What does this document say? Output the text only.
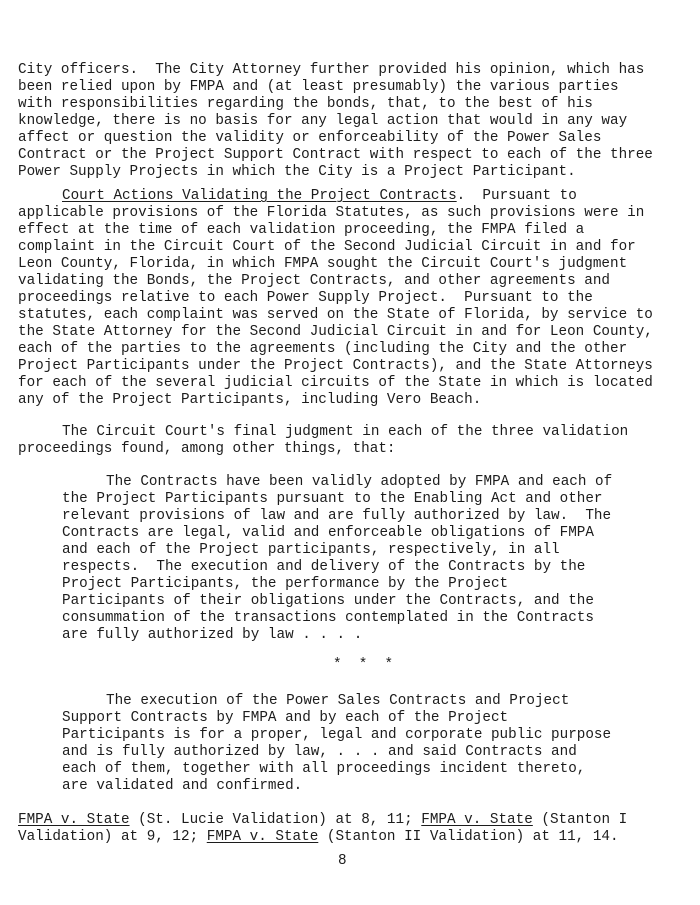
City officers.  The City Attorney further provided his opinion, which has
been relied upon by FMPA and (at least presumably) the various parties
with responsibilities regarding the bonds, that, to the best of his
knowledge, there is no basis for any legal action that would in any way
affect or question the validity or enforceability of the Power Sales
Contract or the Project Support Contract with respect to each of the three
Power Supply Projects in which the City is a Project Participant.
Court Actions Validating the Project Contracts.  Pursuant to
applicable provisions of the Florida Statutes, as such provisions were in
effect at the time of each validation proceeding, the FMPA filed a
complaint in the Circuit Court of the Second Judicial Circuit in and for
Leon County, Florida, in which FMPA sought the Circuit Court's judgment
validating the Bonds, the Project Contracts, and other agreements and
proceedings relative to each Power Supply Project.  Pursuant to the
statutes, each complaint was served on the State of Florida, by service to
the State Attorney for the Second Judicial Circuit in and for Leon County,
each of the parties to the agreements (including the City and the other
Project Participants under the Project Contracts), and the State Attorneys
for each of the several judicial circuits of the State in which is located
any of the Project Participants, including Vero Beach.
The Circuit Court's final judgment in each of the three validation
proceedings found, among other things, that:
The Contracts have been validly adopted by FMPA and each of
the Project Participants pursuant to the Enabling Act and other
relevant provisions of law and are fully authorized by law.  The
Contracts are legal, valid and enforceable obligations of FMPA
and each of the Project participants, respectively, in all
respects.  The execution and delivery of the Contracts by the
Project Participants, the performance by the Project
Participants of their obligations under the Contracts, and the
consummation of the transactions contemplated in the Contracts
are fully authorized by law . . . .
*  *  *
The execution of the Power Sales Contracts and Project
Support Contracts by FMPA and by each of the Project
Participants is for a proper, legal and corporate public purpose
and is fully authorized by law, . . . and said Contracts and
each of them, together with all proceedings incident thereto,
are validated and confirmed.
FMPA v. State (St. Lucie Validation) at 8, 11; FMPA v. State (Stanton I
Validation) at 9, 12; FMPA v. State (Stanton II Validation) at 11, 14.
8
